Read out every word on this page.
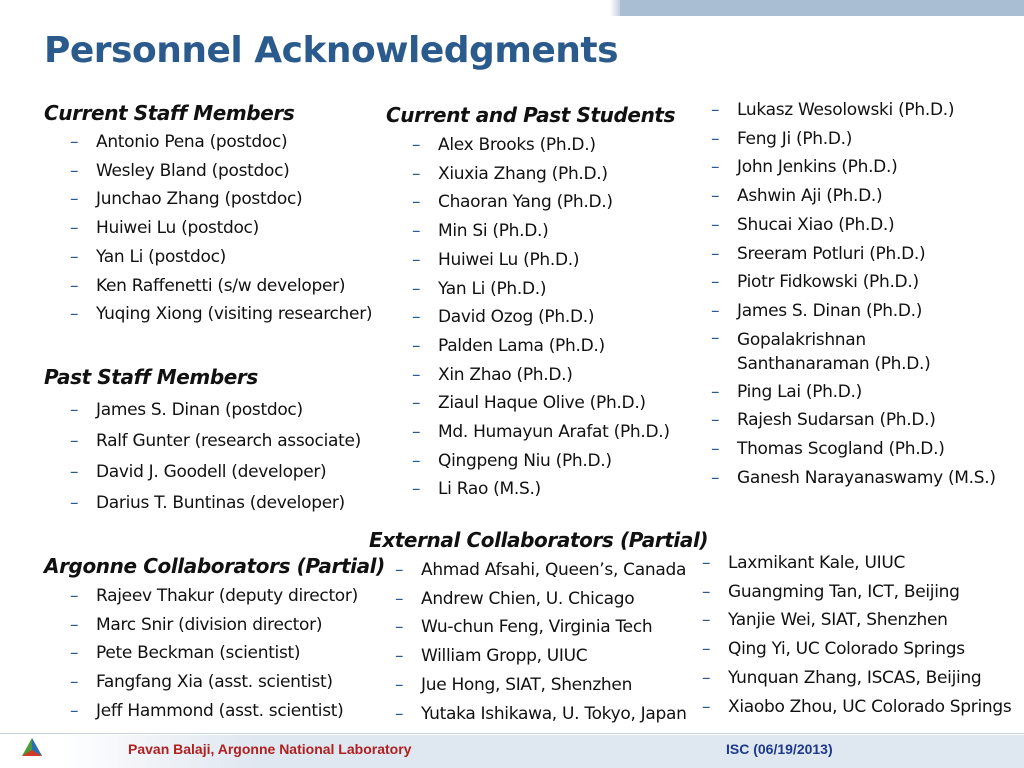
Personnel Acknowledgments
Current Staff Members
– Antonio Pena (postdoc)
– Wesley Bland (postdoc)
– Junchao Zhang (postdoc)
– Huiwei Lu (postdoc)
– Yan Li (postdoc)
– Ken Raffenetti (s/w developer)
– Yuqing Xiong (visiting researcher)
Past Staff Members
– James S. Dinan (postdoc)
– Ralf Gunter (research associate)
– David J. Goodell (developer)
– Darius T. Buntinas (developer)
Argonne Collaborators (Partial)
– Rajeev Thakur (deputy director)
– Marc Snir (division director)
– Pete Beckman (scientist)
– Fangfang Xia (asst. scientist)
– Jeff Hammond (asst. scientist)
Current and Past Students
– Alex Brooks (Ph.D.)
– Xiuxia Zhang (Ph.D.)
– Chaoran Yang (Ph.D.)
– Min Si (Ph.D.)
– Huiwei Lu (Ph.D.)
– Yan Li (Ph.D.)
– David Ozog (Ph.D.)
– Palden Lama (Ph.D.)
– Xin Zhao (Ph.D.)
– Ziaul Haque Olive (Ph.D.)
– Md. Humayun Arafat (Ph.D.)
– Qingpeng Niu (Ph.D.)
– Li Rao (M.S.)
– Lukasz Wesolowski (Ph.D.)
– Feng Ji (Ph.D.)
– John Jenkins (Ph.D.)
– Ashwin Aji (Ph.D.)
– Shucai Xiao (Ph.D.)
– Sreeram Potluri (Ph.D.)
– Piotr Fidkowski (Ph.D.)
– James S. Dinan (Ph.D.)
– Gopalakrishnan Santhanaraman (Ph.D.)
– Ping Lai (Ph.D.)
– Rajesh Sudarsan (Ph.D.)
– Thomas Scogland (Ph.D.)
– Ganesh Narayanaswamy (M.S.)
External Collaborators (Partial)
– Ahmad Afsahi, Queen’s, Canada
– Andrew Chien, U. Chicago
– Wu-chun Feng, Virginia Tech
– William Gropp, UIUC
– Jue Hong, SIAT, Shenzhen
– Yutaka Ishikawa, U. Tokyo, Japan
– Laxmikant Kale, UIUC
– Guangming Tan, ICT, Beijing
– Yanjie Wei, SIAT, Shenzhen
– Qing Yi, UC Colorado Springs
– Yunquan Zhang, ISCAS, Beijing
– Xiaobo Zhou, UC Colorado Springs
Pavan Balaji, Argonne National Laboratory	ISC (06/19/2013)
